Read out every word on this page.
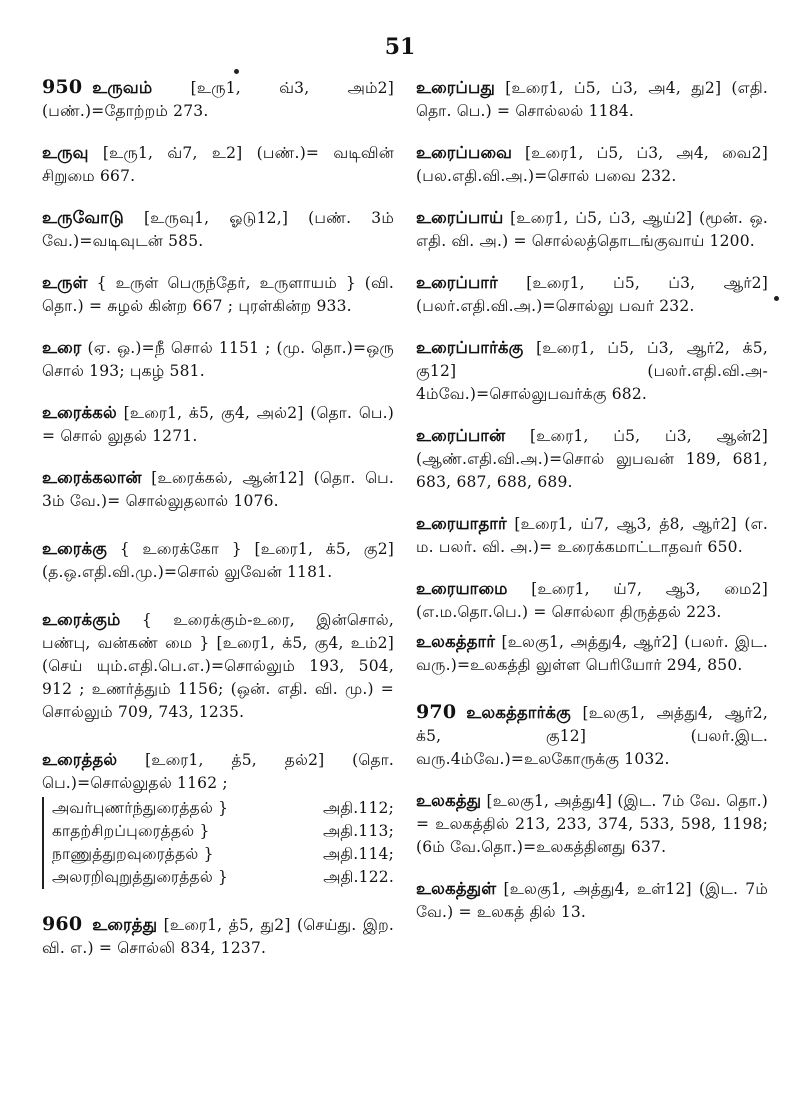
51
950 உருவம் [உரு1, வ்3, அம்2] (பண்.)=தோற்றம் 273.
உருவு [உரு1, வ்7, உ2] (பண்.)= வடிவின் சிறுமை 667.
உருவோடு [உருவு1, ஓடு12,] (பண். 3ம் வே.)=வடிவுடன் 585.
உருள் { உருள் பெருந்தேர், உருளாயம் } (வி. தொ.) = சுழல் கின்ற 667 ; புரள்கின்ற 933.
உரை (ஏ. ஒ.)=நீ சொல் 1151 ; (மு. தொ.)=ஒரு சொல் 193; புகழ் 581.
உரைக்கல் [உரை1, க்5, கு4, அல்2] (தொ. பெ.) = சொல் லுதல் 1271.
உரைக்கலான் [உரைக்கல், ஆன்12] (தொ. பெ. 3ம் வே.)= சொல்லுதலால் 1076.
உரைக்கு { உரைக்கோ } [உரை1, க்5, கு2] (த.ஒ.எதி.வி.மு.)=சொல் லுவேன் 1181.
உரைக்கும் { உரைக்கும்-உரை, இன்சொல், பண்பு, வன்கண் மை } [உரை1, க்5, கு4, உம்2] (செய் யும்.எதி.பெ.எ.)=சொல்லும் 193, 504, 912 ; உணர்த்தும் 1156; (ஒன். எதி. வி. மு.) = சொல்லும் 709, 743, 1235.
உரைத்தல் [உரை1, த்5, தல்2] (தொ. பெ.)=சொல்லுதல் 1162 ;
அவர்புணர்ந்துரைத்தல் }	அதி.112;
காதற்சிறப்புரைத்தல் }	அதி.113;
நாணுத்துறவுரைத்தல் }	அதி.114;
அலரறிவுறுத்துரைத்தல் }	அதி.122.
960 உரைத்து [உரை1, த்5, து2] (செய்து. இற. வி. எ.) = சொல்லி 834, 1237.
உரைப்பது [உரை1, ப்5, ப்3, அ4, து2] (எதி. தொ. பெ.) = சொல்லல் 1184.
உரைப்பவை [உரை1, ப்5, ப்3, அ4, வை2] (பல.எதி.வி.அ.)=சொல் பவை 232.
உரைப்பாய் [உரை1, ப்5, ப்3, ஆய்2] (மூன். ஒ. எதி. வி. அ.) = சொல்லத்தொடங்குவாய் 1200.
உரைப்பார் [உரை1, ப்5, ப்3, ஆர்2] (பலர்.எதி.வி.அ.)=சொல்லு பவர் 232.
உரைப்பார்க்கு [உரை1, ப்5, ப்3, ஆர்2, க்5, கு12] (பலர்.எதி.வி.அ- 4ம்வே.)=சொல்லுபவர்க்கு 682.
உரைப்பான் [உரை1, ப்5, ப்3, ஆன்2] (ஆண்.எதி.வி.அ.)=சொல் லுபவன் 189, 681, 683, 687, 688, 689.
உரையாதார் [உரை1, ய்7, ஆ3, த்8, ஆர்2] (எ. ம. பலர். வி. அ.)= உரைக்கமாட்டாதவர் 650.
உரையாமை [உரை1, ய்7, ஆ3, மை2] (எ.ம.தொ.பெ.) = சொல்லா திருத்தல் 223.
உலகத்தார் [உலகு1, அத்து4, ஆர்2] (பலர். இட. வரு.)=உலகத்தி லுள்ள பெரியோர் 294, 850.
970 உலகத்தார்க்கு [உலகு1, அத்து4, ஆர்2, க்5, கு12] (பலர்.இட. வரு.4ம்வே.)=உலகோருக்கு 1032.
உலகத்து [உலகு1, அத்து4] (இட. 7ம் வே. தொ.) = உலகத்தில் 213, 233, 374, 533, 598, 1198; (6ம் வே.தொ.)=உலகத்தினது 637.
உலகத்துள் [உலகு1, அத்து4, உள்12] (இட. 7ம் வே.) = உலகத் தில் 13.
